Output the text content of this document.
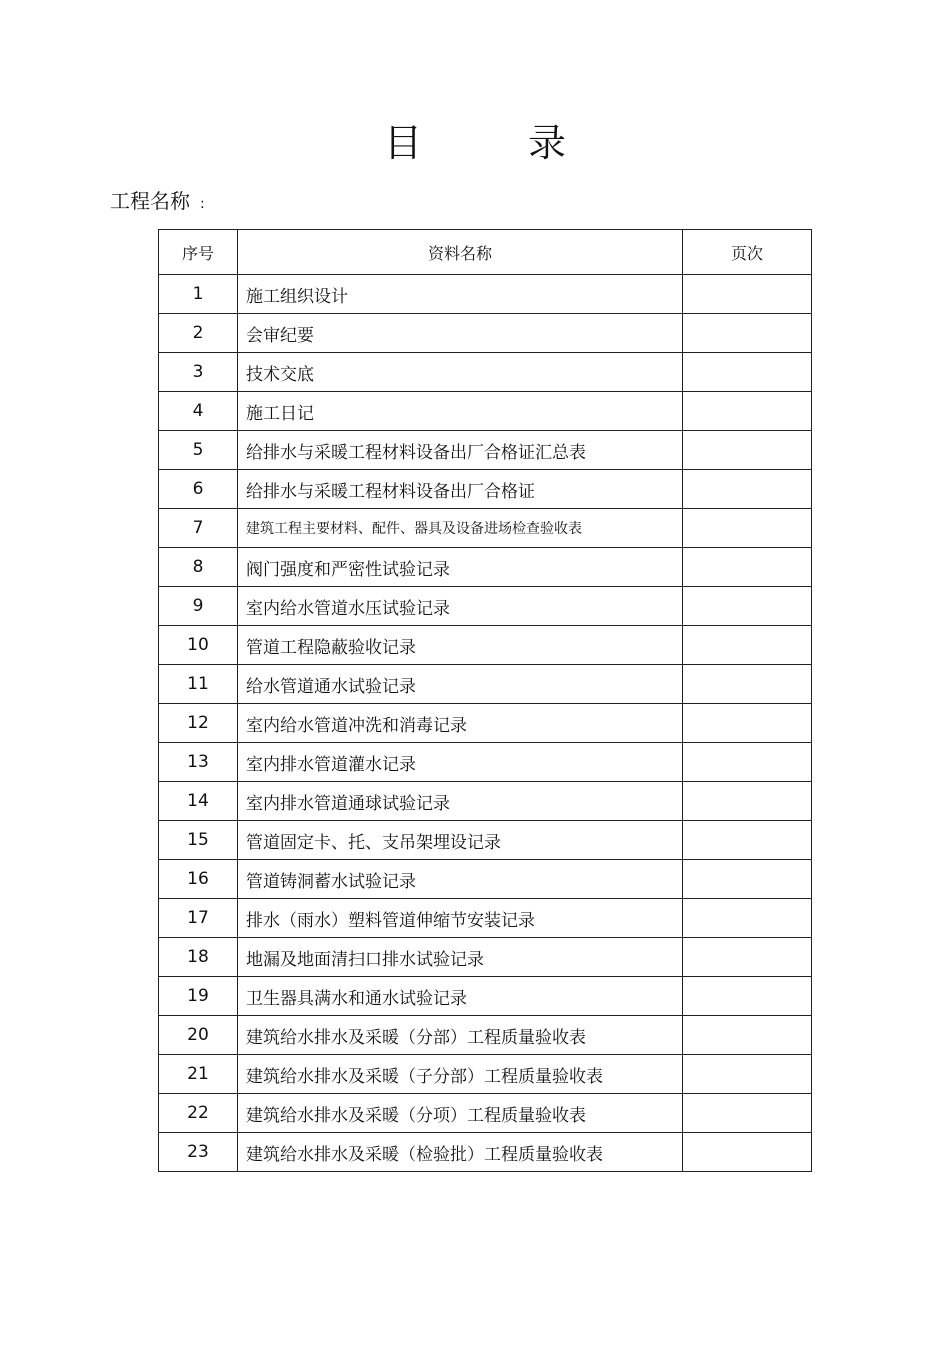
目	录
工程名称 :
序号	资料名称	页次
1	施工组织设计	
2	会审纪要	
3	技术交底	
4	施工日记	
5	给排水与采暖工程材料设备出厂合格证汇总表	
6	给排水与采暖工程材料设备出厂合格证	
7	建筑工程主要材料、配件、器具及设备进场检查验收表	
8	阀门强度和严密性试验记录	
9	室内给水管道水压试验记录	
10	管道工程隐蔽验收记录	
11	给水管道通水试验记录	
12	室内给水管道冲洗和消毒记录	
13	室内排水管道灌水记录	
14	室内排水管道通球试验记录	
15	管道固定卡、托、支吊架埋设记录	
16	管道铸洞蓄水试验记录	
17	排水（雨水）塑料管道伸缩节安装记录	
18	地漏及地面清扫口排水试验记录	
19	卫生器具满水和通水试验记录	
20	建筑给水排水及采暖（分部）工程质量验收表	
21	建筑给水排水及采暖（子分部）工程质量验收表	
22	建筑给水排水及采暖（分项）工程质量验收表	
23	建筑给水排水及采暖（检验批）工程质量验收表	
